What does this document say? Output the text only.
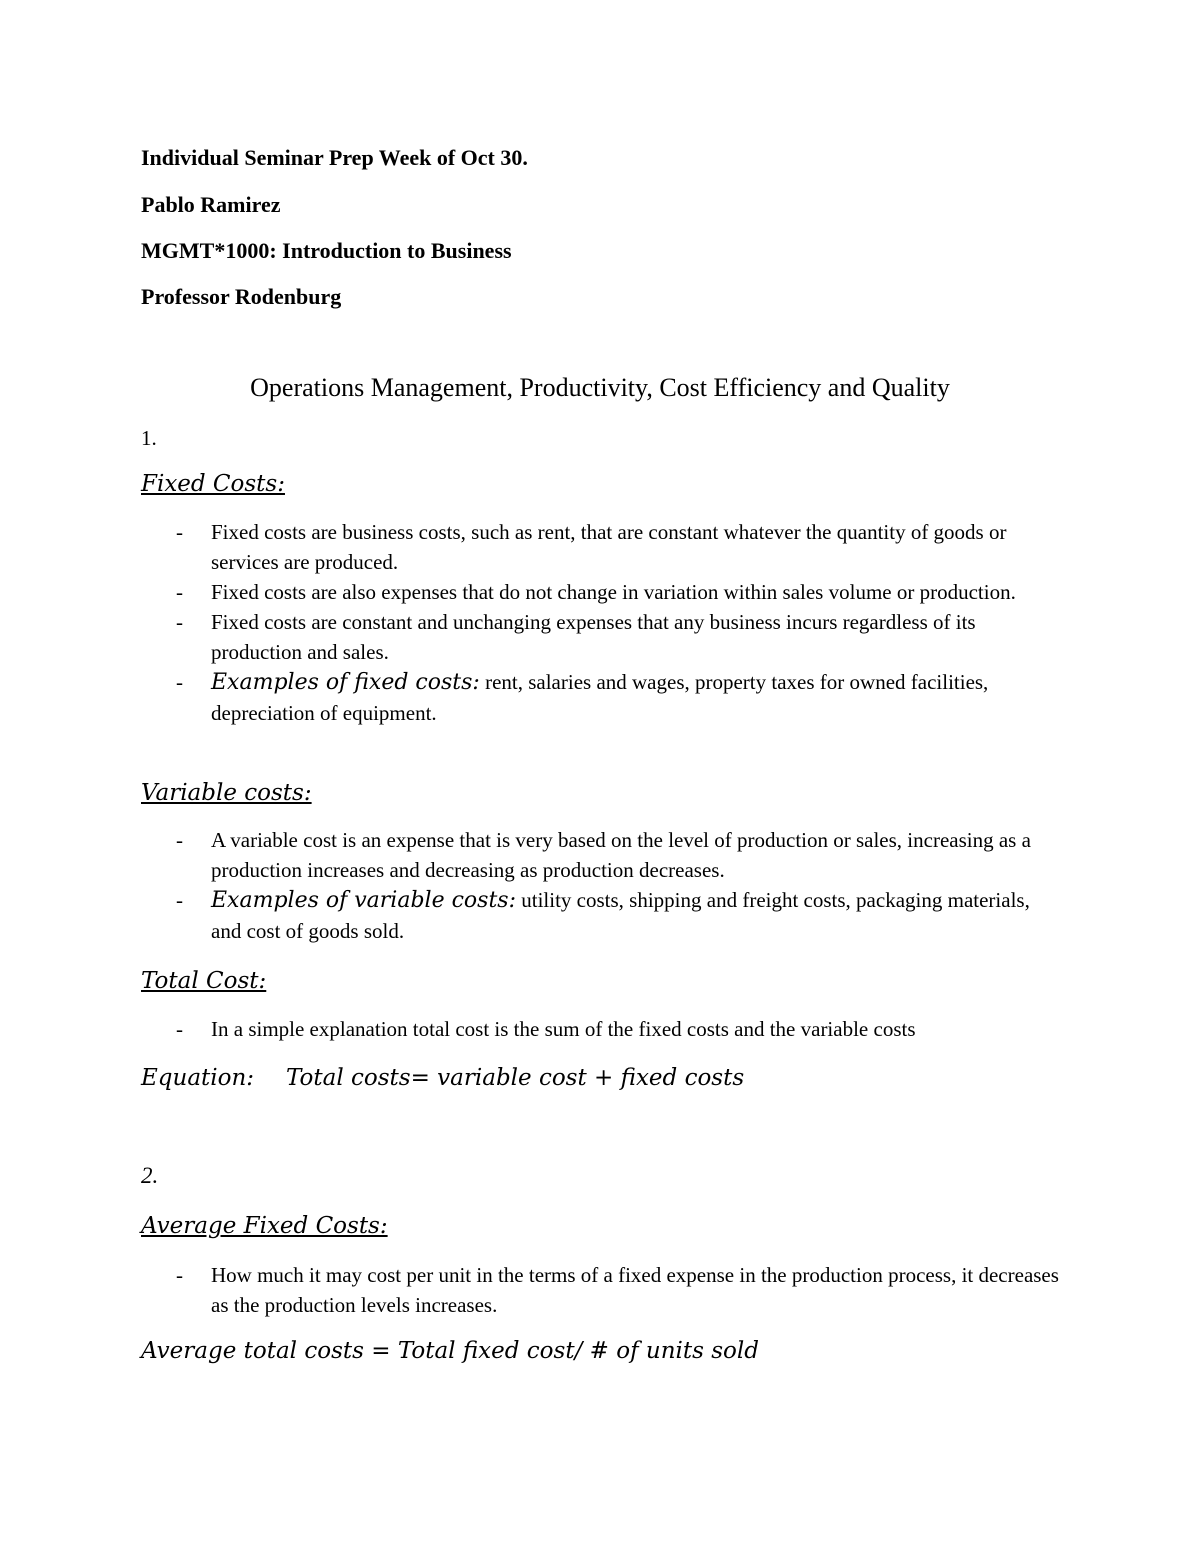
Individual Seminar Prep Week of Oct 30.

Pablo Ramirez

MGMT*1000: Introduction to Business

Professor Rodenburg

Operations Management, Productivity, Cost Efficiency and Quality

1.

Fixed Costs:
- Fixed costs are business costs, such as rent, that are constant whatever the quantity of goods or services are produced.
- Fixed costs are also expenses that do not change in variation within sales volume or production.
- Fixed costs are constant and unchanging expenses that any business incurs regardless of its production and sales.
- Examples of fixed costs: rent, salaries and wages, property taxes for owned facilities, depreciation of equipment.
Variable costs:
- A variable cost is an expense that is very based on the level of production or sales, increasing as a production increases and decreasing as production decreases.
- Examples of variable costs: utility costs, shipping and freight costs, packaging materials, and cost of goods sold.
Total Cost:
- In a simple explanation total cost is the sum of the fixed costs and the variable costs

Equation: Total costs= variable cost + fixed costs

2.

Average Fixed Costs:
- How much it may cost per unit in the terms of a fixed expense in the production process, it decreases as the production levels increases.

Average total costs = Total fixed cost/ # of units sold
